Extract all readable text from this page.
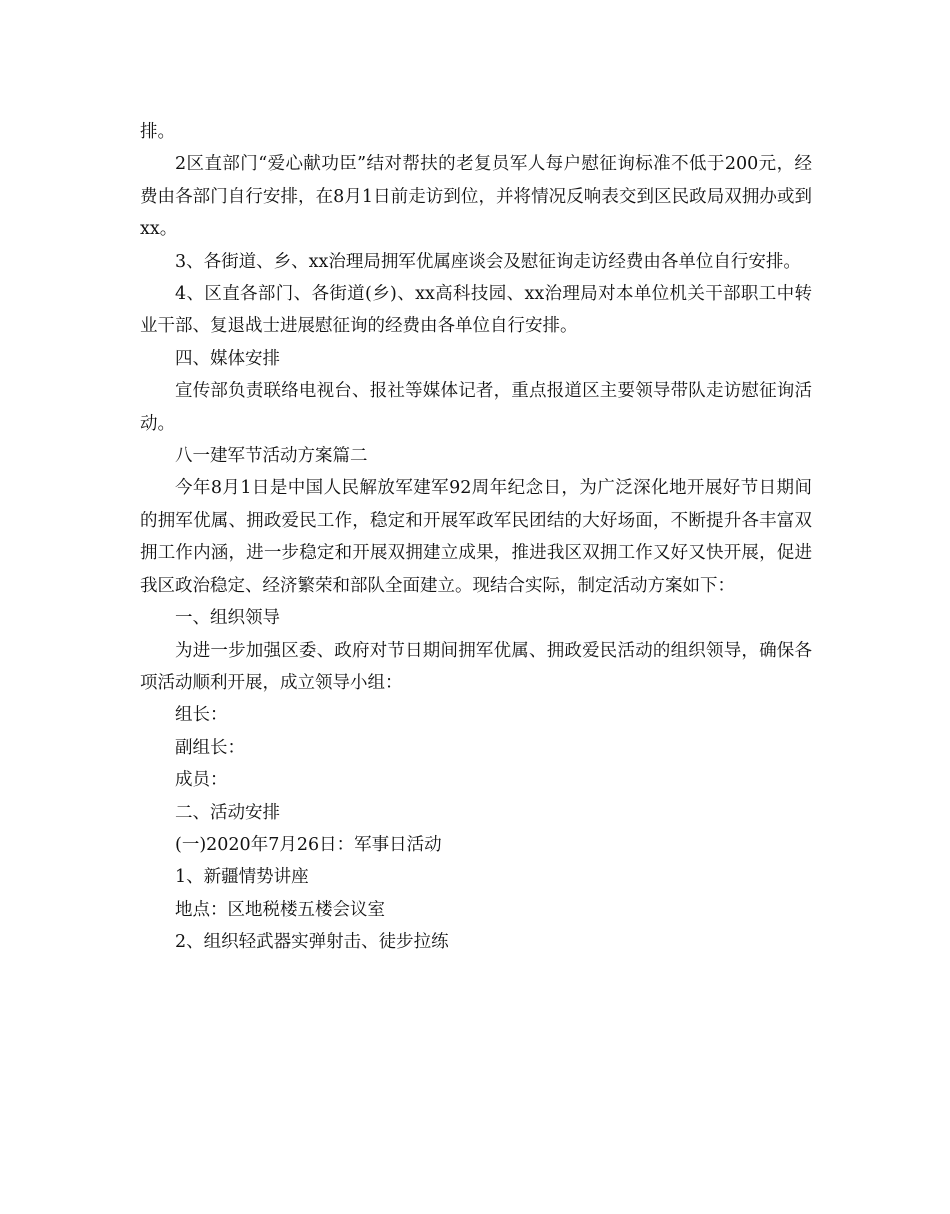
排。

2区直部门“爱心献功臣”结对帮扶的老复员军人每户慰征询标准不低于200元，经费由各部门自行安排，在8月1日前走访到位，并将情况反响表交到区民政局双拥办或到xx。

3、各街道、乡、xx治理局拥军优属座谈会及慰征询走访经费由各单位自行安排。

4、区直各部门、各街道(乡)、xx高科技园、xx治理局对本单位机关干部职工中转业干部、复退战士进展慰征询的经费由各单位自行安排。

四、媒体安排

宣传部负责联络电视台、报社等媒体记者，重点报道区主要领导带队走访慰征询活动。

八一建军节活动方案篇二

今年8月1日是中国人民解放军建军92周年纪念日，为广泛深化地开展好节日期间的拥军优属、拥政爱民工作，稳定和开展军政军民团结的大好场面，不断提升各丰富双拥工作内涵，进一步稳定和开展双拥建立成果，推进我区双拥工作又好又快开展，促进我区政治稳定、经济繁荣和部队全面建立。现结合实际，制定活动方案如下：

一、组织领导

为进一步加强区委、政府对节日期间拥军优属、拥政爱民活动的组织领导，确保各项活动顺利开展，成立领导小组：

组长：

副组长：

成员：

二、活动安排

(一)2020年7月26日：军事日活动

1、新疆情势讲座

地点：区地税楼五楼会议室

2、组织轻武器实弹射击、徒步拉练
